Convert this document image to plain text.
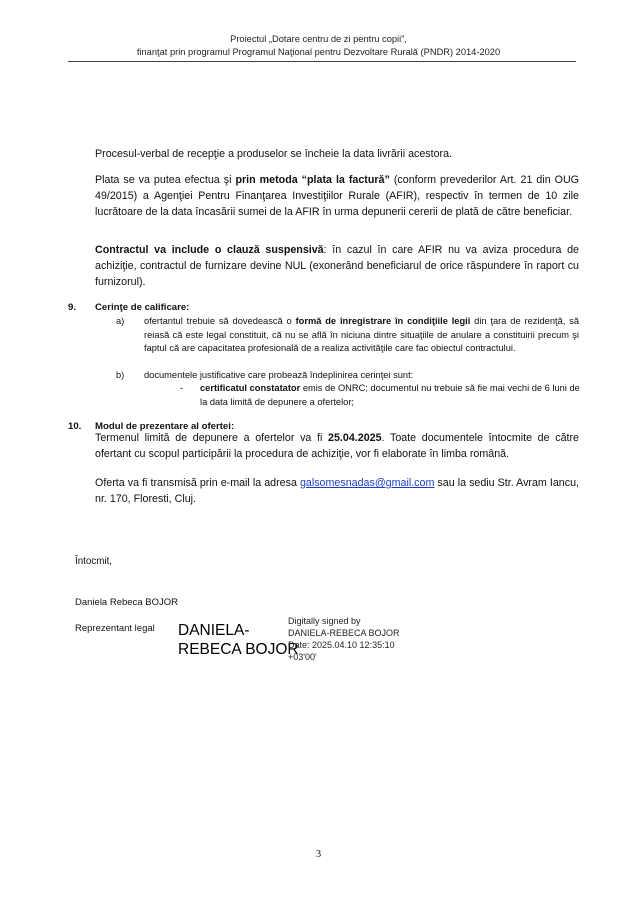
Proiectul „Dotare centru de zi pentru copii”,
finanţat prin programul Programul Naţional pentru Dezvoltare Rurală (PNDR) 2014-2020
Procesul-verbal de recepţie a produselor se încheie la data livrării acestora.
Plata se va putea efectua şi prin metoda “plata la factură” (conform prevederilor Art. 21 din OUG 49/2015) a Agenţiei Pentru Finanţarea Investiţiilor Rurale (AFIR), respectiv în termen de 10 zile lucrătoare de la data încasării sumei de la AFIR în urma depunerii cererii de plată de către beneficiar.
Contractul va include o clauză suspensivă: în cazul în care AFIR nu va aviza procedura de achiziţie, contractul de furnizare devine NUL (exonerând beneficiarul de orice răspundere în raport cu furnizorul).
9. Cerinţe de calificare:
a) ofertantul trebuie să dovedească o formă de înregistrare în condiţiile legii din ţara de rezidenţă, să reiasă că este legal constituit, că nu se află în niciuna dintre situaţiile de anulare a constituirii precum şi faptul că are capacitatea profesională de a realiza activităţile care fac obiectul contractului.
b) documentele justificative care probează îndeplinirea cerinţei sunt:
- certificatul constatator emis de ONRC; documentul nu trebuie să fie mai vechi de 6 luni de la data limită de depunere a ofertelor;
10. Modul de prezentare al ofertei:
Termenul limită de depunere a ofertelor va fi 25.04.2025. Toate documentele întocmite de către ofertant cu scopul participării la procedura de achiziţie, vor fi elaborate în limba română.
Oferta va fi transmisă prin e-mail la adresa galsomesnadas@gmail.com sau la sediu Str. Avram Iancu, nr. 170, Floresti, Cluj.
Întocmit,
Daniela Rebeca BOJOR
Reprezentant legal DANIELA-
REBECA BOJOR
Digitally signed by
DANIELA-REBECA BOJOR
Date: 2025.04.10 12:35:10
+03'00'
3
